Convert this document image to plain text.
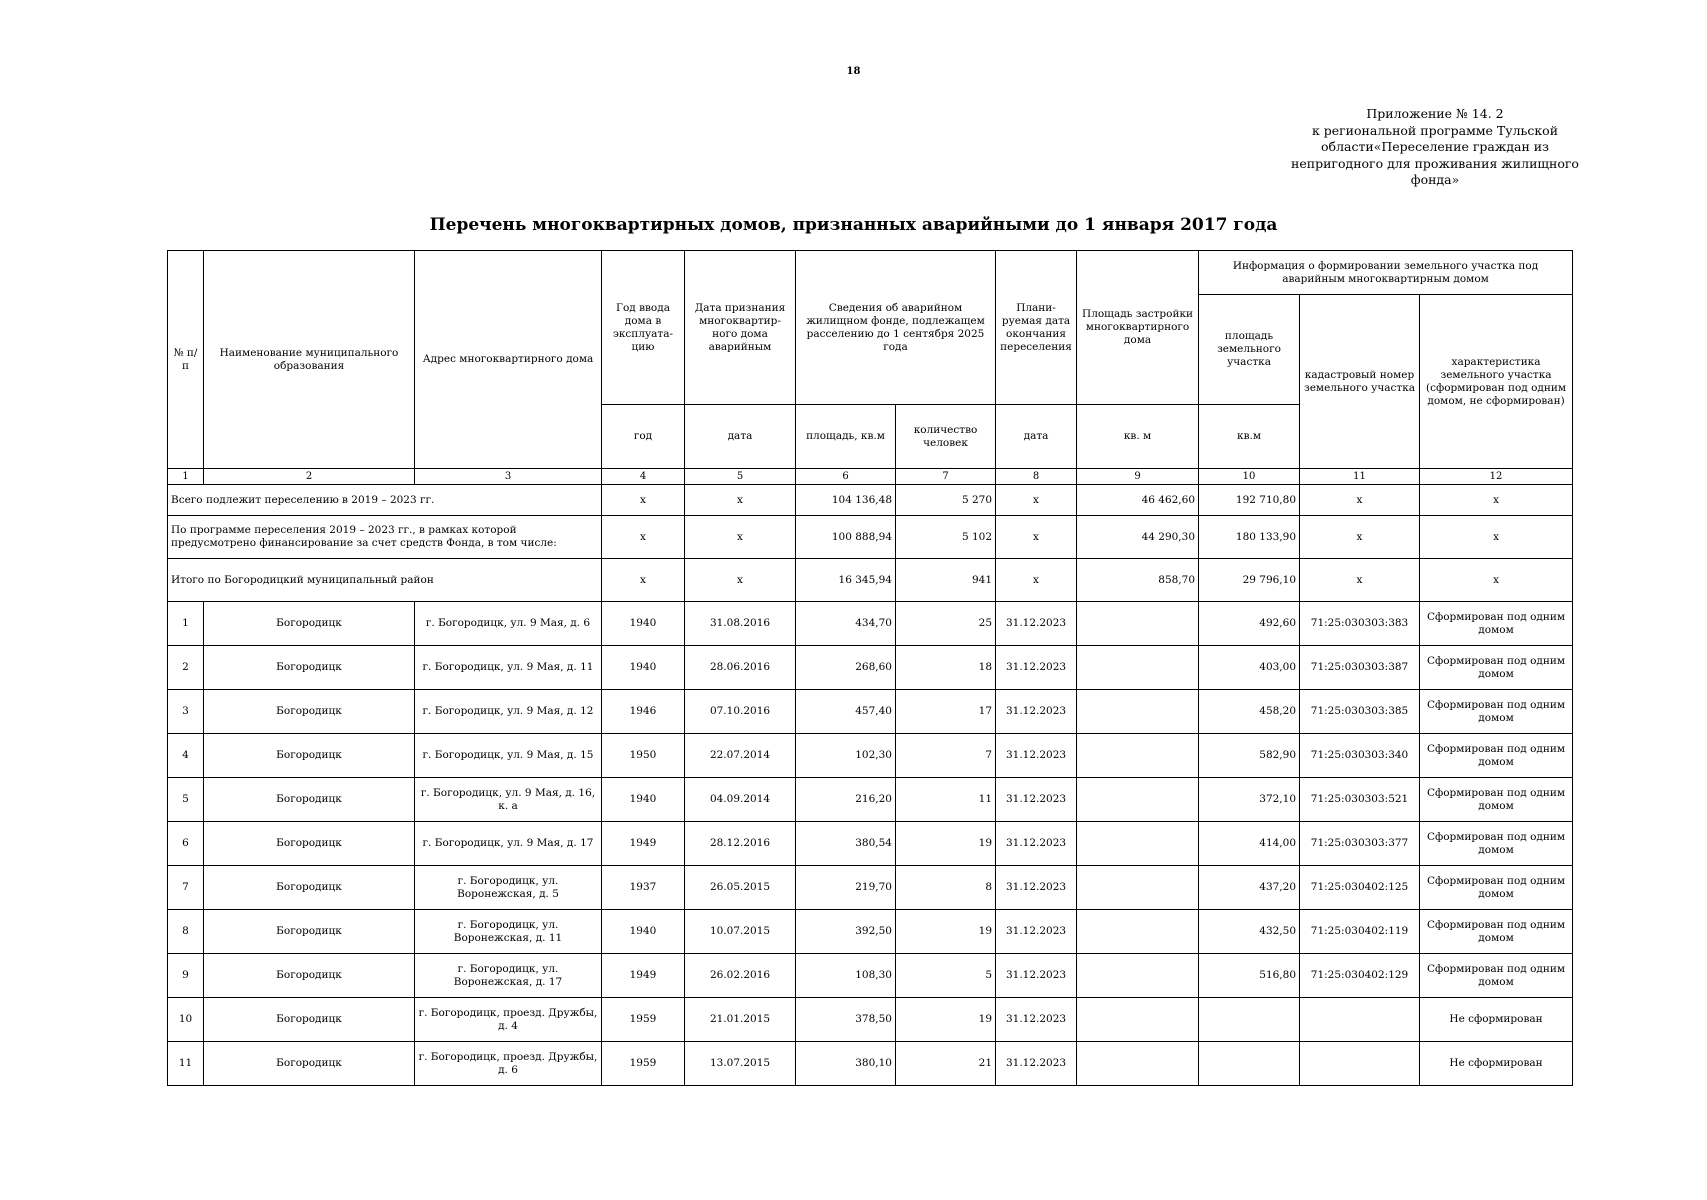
18
Приложение № 14. 2
к региональной программе Тульской
области«Переселение граждан из
непригодного для проживания жилищного
фонда»
Перечень многоквартирных домов, признанных аварийными до 1 января 2017 года
№ п/п	Наименование муниципального образования	Адрес многоквартирного дома	Год ввода дома в эксплуата-цию	Дата признания многоквартир-ного дома аварийным	Сведения об аварийном жилищном фонде, подлежащем расселению до 1 сентября 2025 года		Плани-руемая дата окончания переселения	Площадь застройки многоквартирного дома	Информация о формировании земельного участка под аварийным многоквартирным домом		
									площадь земельного участка	кадастровый номер земельного участка	характеристика земельного участка (сформирован под одним домом, не сформирован)
			год	дата	площадь, кв.м	количество человек	дата	кв. м	кв.м		
1	2	3	4	5	6	7	8	9	10	11	12
Всего подлежит переселению в 2019 – 2023 гг.			х	х	104 136,48	5 270	х	46 462,60	192 710,80	х	х
По программе переселения 2019 – 2023 гг., в рамках которой предусмотрено финансирование за счет средств Фонда, в том числе:			х	х	100 888,94	5 102	х	44 290,30	180 133,90	х	х
Итого по Богородицкий муниципальный район			х	х	16 345,94	941	х	858,70	29 796,10	х	х
1	Богородицк	г. Богородицк, ул. 9 Мая, д. 6	1940	31.08.2016	434,70	25	31.12.2023		492,60	71:25:030303:383	Сформирован под одним домом
2	Богородицк	г. Богородицк, ул. 9 Мая, д. 11	1940	28.06.2016	268,60	18	31.12.2023		403,00	71:25:030303:387	Сформирован под одним домом
3	Богородицк	г. Богородицк, ул. 9 Мая, д. 12	1946	07.10.2016	457,40	17	31.12.2023		458,20	71:25:030303:385	Сформирован под одним домом
4	Богородицк	г. Богородицк, ул. 9 Мая, д. 15	1950	22.07.2014	102,30	7	31.12.2023		582,90	71:25:030303:340	Сформирован под одним домом
5	Богородицк	г. Богородицк, ул. 9 Мая, д. 16, к. а	1940	04.09.2014	216,20	11	31.12.2023		372,10	71:25:030303:521	Сформирован под одним домом
6	Богородицк	г. Богородицк, ул. 9 Мая, д. 17	1949	28.12.2016	380,54	19	31.12.2023		414,00	71:25:030303:377	Сформирован под одним домом
7	Богородицк	г. Богородицк, ул. Воронежская, д. 5	1937	26.05.2015	219,70	8	31.12.2023		437,20	71:25:030402:125	Сформирован под одним домом
8	Богородицк	г. Богородицк, ул. Воронежская, д. 11	1940	10.07.2015	392,50	19	31.12.2023		432,50	71:25:030402:119	Сформирован под одним домом
9	Богородицк	г. Богородицк, ул. Воронежская, д. 17	1949	26.02.2016	108,30	5	31.12.2023		516,80	71:25:030402:129	Сформирован под одним домом
10	Богородицк	г. Богородицк, проезд. Дружбы, д. 4	1959	21.01.2015	378,50	19	31.12.2023				Не сформирован
11	Богородицк	г. Богородицк, проезд. Дружбы, д. 6	1959	13.07.2015	380,10	21	31.12.2023				Не сформирован
